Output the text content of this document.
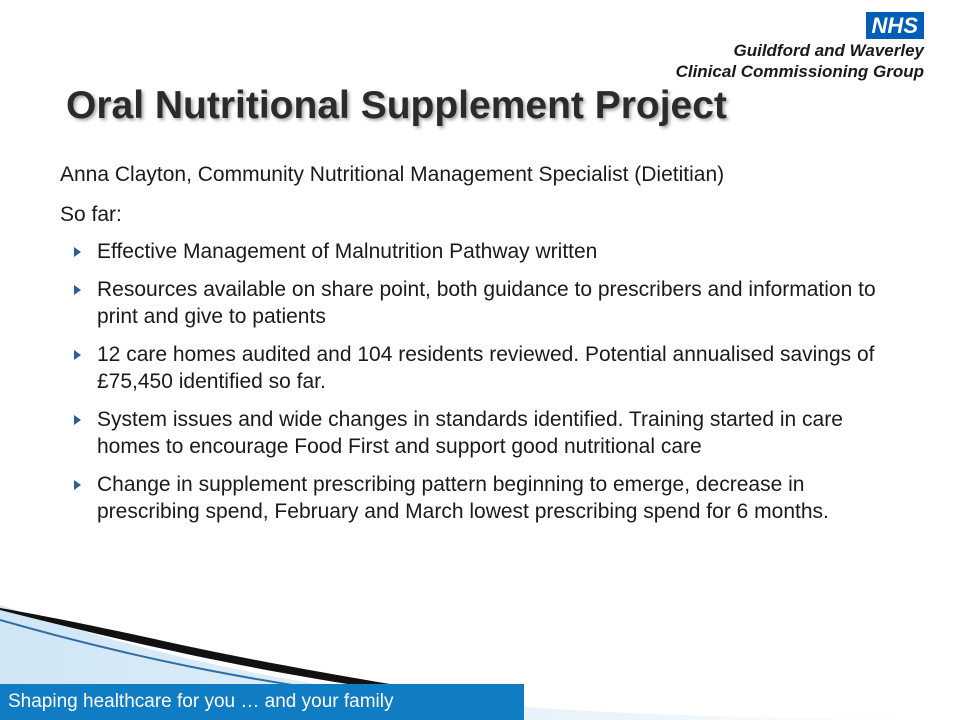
NHS
Guildford and Waverley
Clinical Commissioning Group
Oral Nutritional Supplement Project
Anna Clayton, Community Nutritional Management Specialist (Dietitian)
So far:
Effective Management of Malnutrition Pathway written
Resources available on share point, both guidance to prescribers and information to print and give to patients
12 care homes audited and 104 residents reviewed. Potential annualised savings of £75,450 identified so far.
System issues and wide changes in standards identified. Training started in care homes to encourage Food First and support good nutritional care
Change in supplement prescribing pattern beginning to emerge, decrease in prescribing spend, February and March lowest prescribing spend for 6 months.
Shaping healthcare for you … and your family
